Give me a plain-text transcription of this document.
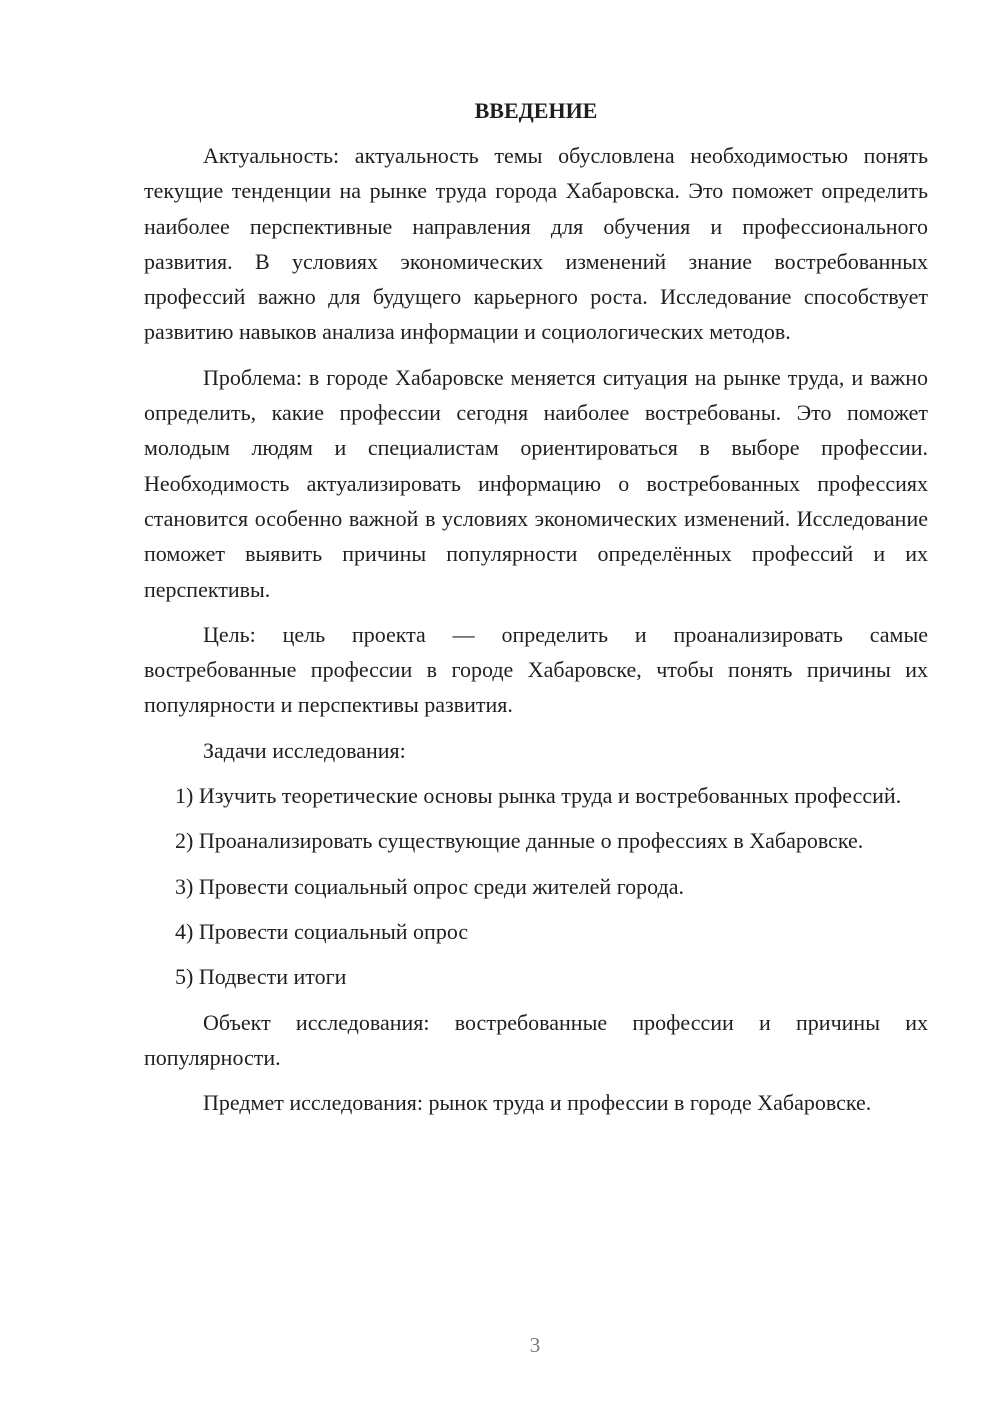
ВВЕДЕНИЕ

Актуальность: актуальность темы обусловлена необходимостью понять текущие тенденции на рынке труда города Хабаровска. Это поможет определить наиболее перспективные направления для обучения и профессионального развития. В условиях экономических изменений знание востребованных профессий важно для будущего карьерного роста. Исследование способствует развитию навыков анализа информации и социологических методов.

Проблема: в городе Хабаровске меняется ситуация на рынке труда, и важно определить, какие профессии сегодня наиболее востребованы. Это поможет молодым людям и специалистам ориентироваться в выборе профессии. Необходимость актуализировать информацию о востребованных профессиях становится особенно важной в условиях экономических изменений. Исследование поможет выявить причины популярности определённых профессий и их перспективы.

Цель: цель проекта — определить и проанализировать самые востребованные профессии в городе Хабаровске, чтобы понять причины их популярности и перспективы развития.

Задачи исследования:

1) Изучить теоретические основы рынка труда и востребованных профессий.

2) Проанализировать существующие данные о профессиях в Хабаровске.

3) Провести социальный опрос среди жителей города.

4) Провести социальный опрос

5) Подвести итоги

Объект исследования: востребованные профессии и причины их популярности.

Предмет исследования: рынок труда и профессии в городе Хабаровске.

3
